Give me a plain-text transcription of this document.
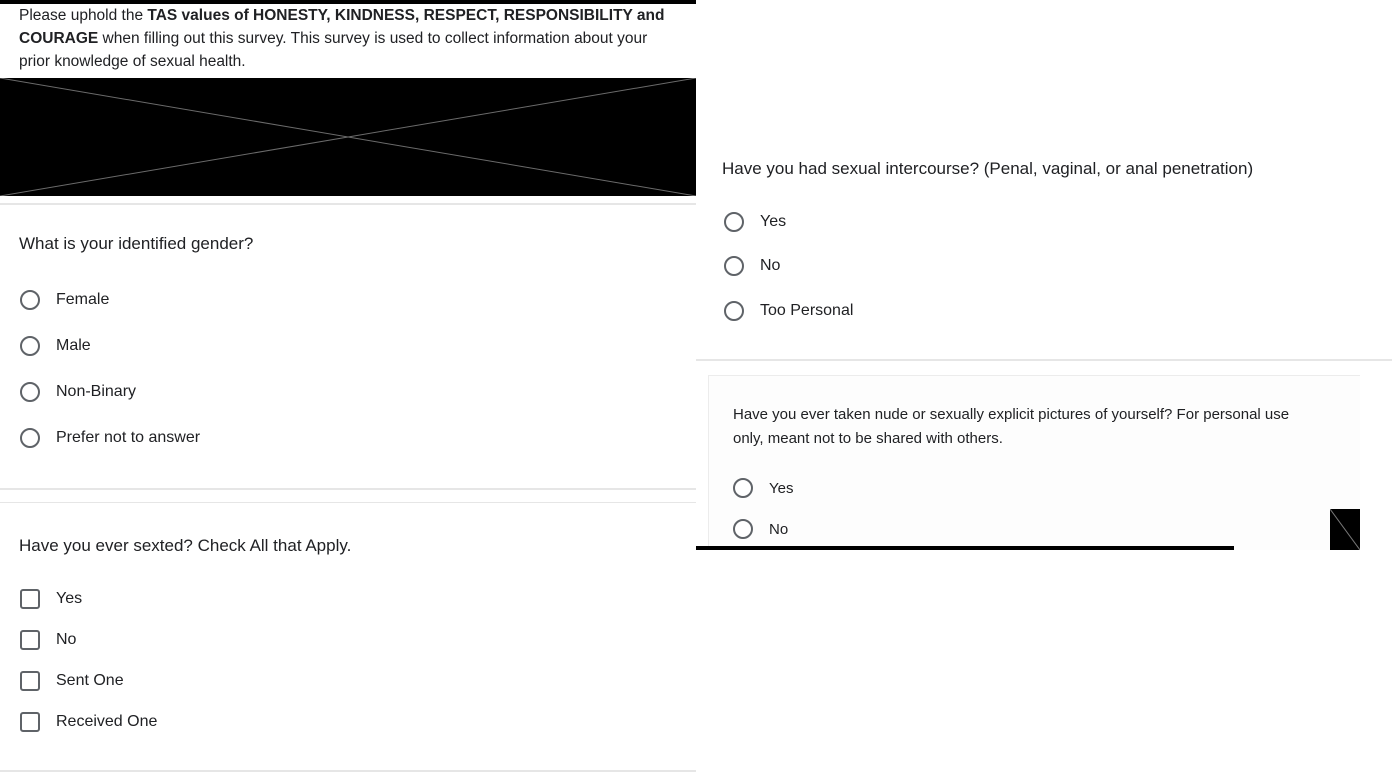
Please uphold the TAS values of HONESTY, KINDNESS, RESPECT, RESPONSIBILITY and
COURAGE when filling out this survey. This survey is used to collect information about your
prior knowledge of sexual health.
What is your identified gender?
Female
Male
Non-Binary
Prefer not to answer
Have you ever sexted? Check All that Apply.
Yes
No
Sent One
Received One
Have you had sexual intercourse? (Penal, vaginal, or anal penetration)
Yes
No
Too Personal
Have you ever taken nude or sexually explicit pictures of yourself? For personal use
only, meant not to be shared with others.
Yes
No
